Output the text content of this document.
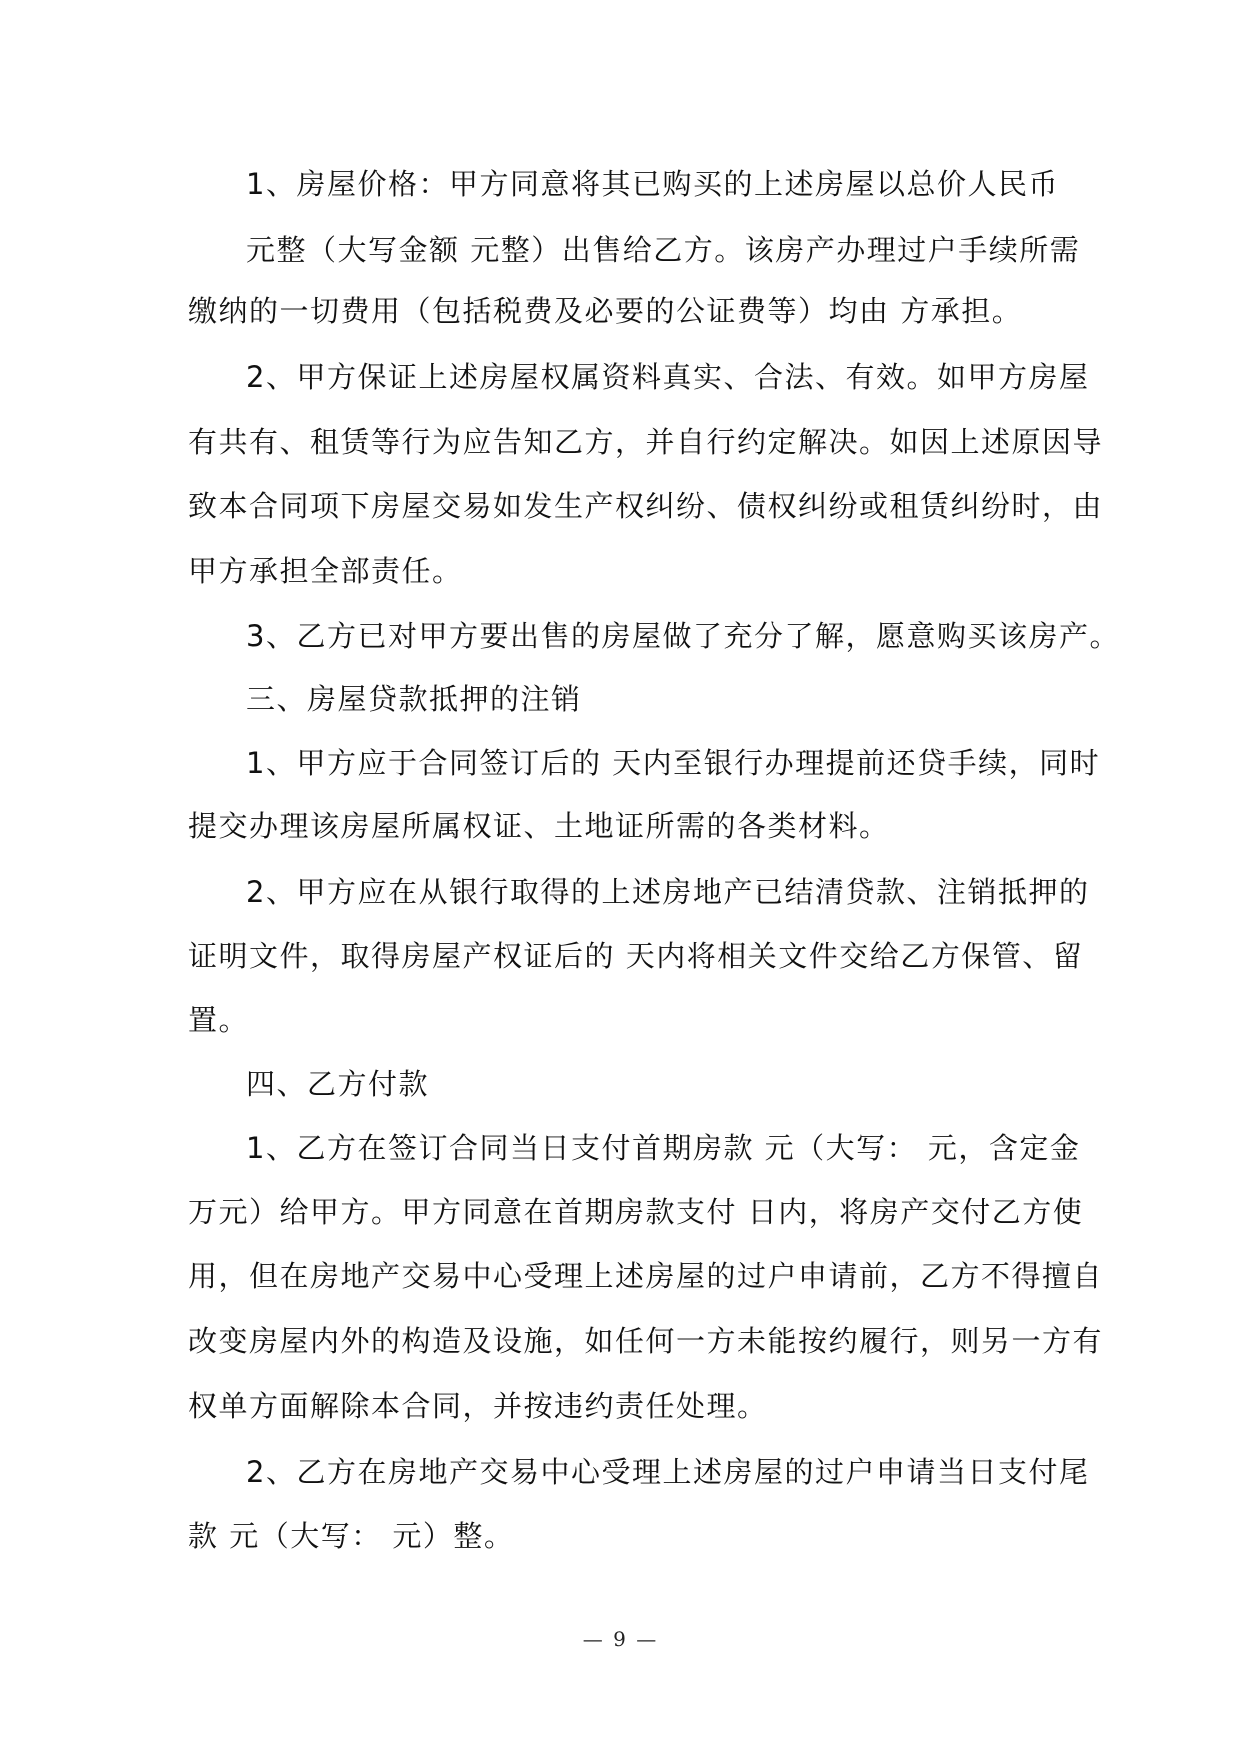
1、房屋价格：甲方同意将其已购买的上述房屋以总价人民币
元整（大写金额 元整）出售给乙方。该房产办理过户手续所需
缴纳的一切费用（包括税费及必要的公证费等）均由 方承担。
2、甲方保证上述房屋权属资料真实、合法、有效。如甲方房屋
有共有、租赁等行为应告知乙方，并自行约定解决。如因上述原因导
致本合同项下房屋交易如发生产权纠纷、债权纠纷或租赁纠纷时，由
甲方承担全部责任。
3、乙方已对甲方要出售的房屋做了充分了解，愿意购买该房产。
三、房屋贷款抵押的注销
1、甲方应于合同签订后的 天内至银行办理提前还贷手续，同时
提交办理该房屋所属权证、土地证所需的各类材料。
2、甲方应在从银行取得的上述房地产已结清贷款、注销抵押的
证明文件，取得房屋产权证后的 天内将相关文件交给乙方保管、留
置。
四、乙方付款
1、乙方在签订合同当日支付首期房款 元（大写： 元，含定金
万元）给甲方。甲方同意在首期房款支付 日内，将房产交付乙方使
用，但在房地产交易中心受理上述房屋的过户申请前，乙方不得擅自
改变房屋内外的构造及设施，如任何一方未能按约履行，则另一方有
权单方面解除本合同，并按违约责任处理。
2、乙方在房地产交易中心受理上述房屋的过户申请当日支付尾
款 元（大写： 元）整。
— 9 —
